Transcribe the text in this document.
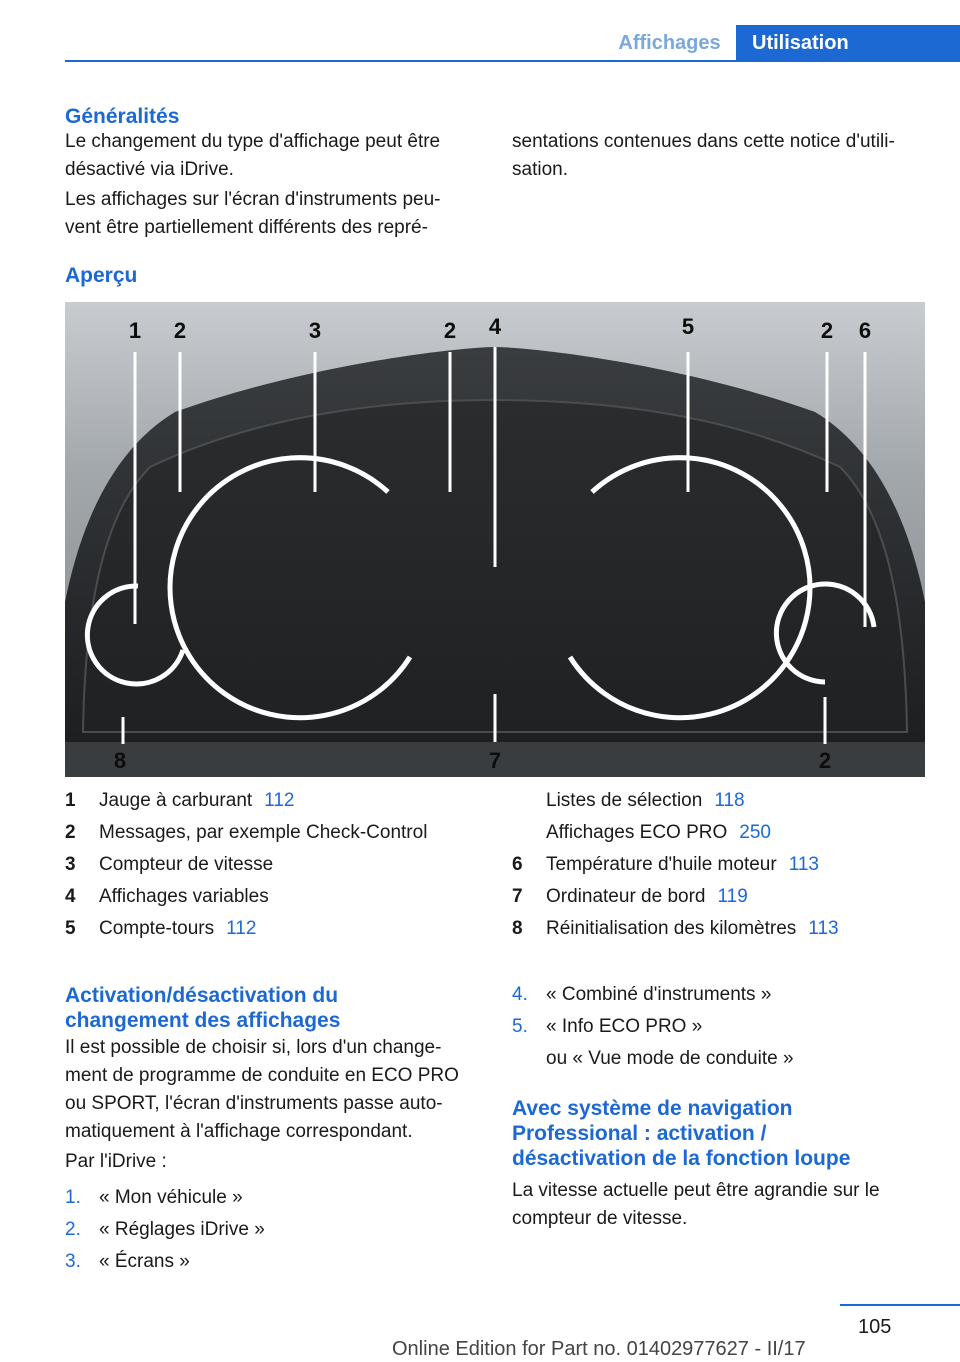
Affichages	Utilisation
Généralités
Le changement du type d'affichage peut être
désactivé via iDrive.
Les affichages sur l'écran d'instruments peu-
vent être partiellement différents des repré-
sentations contenues dans cette notice d'utili-
sation.
Aperçu
1 2	3	2 4	5	2 6
8	7	2
1 Jauge à carburant 112
2 Messages, par exemple Check-Control
3 Compteur de vitesse
4 Affichages variables
5 Compte-tours 112
Listes de sélection 118
Affichages ECO PRO 250
6 Température d'huile moteur 113
7 Ordinateur de bord 119
8 Réinitialisation des kilomètres 113
Activation/désactivation du
changement des affichages
Il est possible de choisir si, lors d'un change-
ment de programme de conduite en ECO PRO
ou SPORT, l'écran d'instruments passe auto-
matiquement à l'affichage correspondant.
Par l'iDrive :
1. « Mon véhicule »
2. « Réglages iDrive »
3. « Écrans »
4. « Combiné d'instruments »
5. « Info ECO PRO »
ou « Vue mode de conduite »
Avec système de navigation
Professional : activation /
désactivation de la fonction loupe
La vitesse actuelle peut être agrandie sur le
compteur de vitesse.
105
Online Edition for Part no. 01402977627 - II/17
